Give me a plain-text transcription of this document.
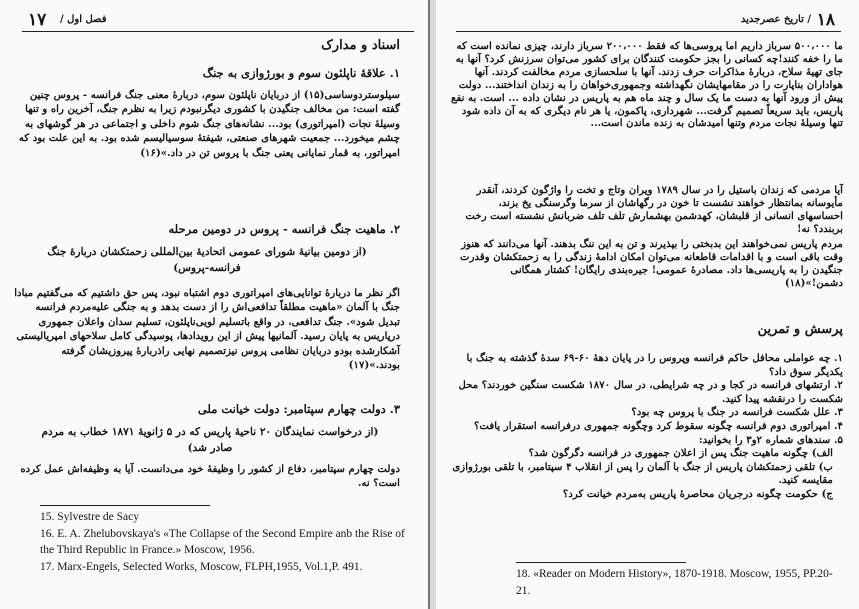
۱۷ فصل اول /
اسناد و مدارک
۱. علاقهٔ ناپلئون سوم و بورژوازی به جنگ
سیلوستردوساسی(۱۵) از دربایان ناپلئون سوم، دربارهٔ معنی جنگ فرانسه - پروس چنین گفته است: من مخالف جنگیدن با کشوری دیگرنبودم زیرا به نظرم جنگ، آخرین راه و تنها وسیلهٔ نجات (امپراتوری) بود... نشانه‌های جنگ شوم داخلی و اجتماعی در هر گوشهای به چشم میخورد... جمعیت شهرهای صنعتی، شیفتهٔ سوسیالیسم شده بود. به این علت بود که امپراتور، به قمار نمایانی یعنی جنگ با پروس تن در داد.»(۱۶)
۲. ماهیت جنگ فرانسه - پروس در دومین مرحله
(از دومین بیانیهٔ شورای عمومی اتحادیهٔ بین‌المللی زحمتکشان دربارهٔ جنگ فرانسه-پروس)
اگر نظر ما دربارهٔ توانایی‌های امپراتوری دوم اشتباه نبود، پس حق داشتیم که می‌گفتیم مبادا جنگ با آلمان «ماهیت مطلقاً تدافعی‌اش را از دست بدهد و به جنگی علیه‌مردم فرانسه تبدیل شود». جنگ تدافعی، در واقع باتسلیم لویی‌ناپلئون، تسلیم سدان واعلان جمهوری درپاریس به پایان رسید. آلمانیها پیش از این رویدادها، پوسیدگی کامل سلاحهای امپریالیستی آشکارشده بودو دربایان نظامی پروس نیزتصمیم نهایی راذربارهٔ پیروزیشان گرفته بودند.»(۱۷)
۳. دولت چهارم سپتامبر: دولت خیانت ملی
(از درخواست نمایندگان ۲۰ ناحیهٔ پاریس که در ۵ ژانویهٔ ۱۸۷۱ خطاب به مردم صادر شد)
دولت چهارم سپتامبر، دفاع از کشور را وظیفهٔ خود می‌دانست. آیا به وظیفه‌اش عمل کرده است؟ نه.
15. Sylvestre de Sacy
16. E. A. Zhelubovskaya's «The Collapse of the Second Empire anb the Rise of the Third Republic in France.» Moscow, 1956.
17. Marx-Engels, Selected Works, Moscow, FLPH,1955, Vol.1,P. 491.
۱۸
/ تاریخ عصرجدید
ما ۵۰۰،۰۰۰ سرباز داریم اما پروسی‌ها که فقط ۲۰۰،۰۰۰ سرباز دارند، چیزی نمانده است که ما را خفه کنند!چه کسانی را بجز حکومت کنندگان برای کشور می‌توان سرزنش کرد؟ آنها به جای تهیهٔ سلاح، دربارهٔ مذاکرات حرف زدند. آنها با سلحسازی مردم مخالفت کردند. آنها هواداران بناپارت را در مقامهایشان نگهداشته وجمهوری‌خواهان را به زندان انداختند... دولت پیش از ورود آنها به دست ما یک سال و چند ماه هم به پاریس در نشان داده ... است. به نفع پاریس، باید سریعاً تصمیم گرفت... شهرداری، پاکمون، یا هر نام دیگری که به آن داده شود تنها وسیلهٔ نجات مردم وتنها امیدشان به زنده ماندن است...
آیا مردمی که زندان باستیل را در سال ۱۷۸۹ ویران وتاج و تخت را واژگون کردند، آنقدر مأیوسانه بمانتظار خواهند نشست تا خون در رگهاشان از سرما وگرسنگی یخ بزند، احساسهای انسانی از قلبشان، کهدشمن بهشمارش تلف تلف ضربانش نشسته است رخت بربندد؟ نه!
مردم پاریس نمی‌خواهند این بدبختی را بپذیرند و تن به این ننگ بدهند. آنها می‌دانند که هنوز وقت باقی است و با اقدامات قاطعانه می‌توان امکان ادامهٔ زندگی را به زحمتکشان وقدرت جنگیدن را به پاریسی‌ها داد. مصادرهٔ عمومی! جیره‌بندی رایگان! کشتار همگانی دشمن!»(۱۸)
پرسش و تمرین
۱. چه عواملی محافل حاکم فرانسه وپروس را در پایان دههٔ ۶۰-۶۹ سدهٔ گذشته به جنگ با یکدیگر سوق داد؟
۲. ارتشهای فرانسه در کجا و در چه شرایطی، در سال ۱۸۷۰ شکست سنگین خوردند؟ محل شکست را درنقشه پیدا کنید.
۳. علل شکست فرانسه در جنگ با پروس چه بود؟
۴. امپراتوری دوم فرانسه چگونه سقوط کرد وچگونه جمهوری درفرانسه استقرار یافت؟
۵. سندهای شماره ۲و۳ را بخوانید:
الف) چگونه ماهیت جنگ پس از اعلان جمهوری در فرانسه دگرگون شد؟
ب) تلقی زحمتکشان پاریس از جنگ با آلمان را پس از انقلاب ۴ سپتامبر، با تلقی بورژوازی مقایسه کنید.
ج) حکومت چگونه درجریان محاصرهٔ پاریس به‌مردم خیانت کرد؟
18. «Reader on Modern History», 1870-1918. Moscow, 1955, PP.20-21.
